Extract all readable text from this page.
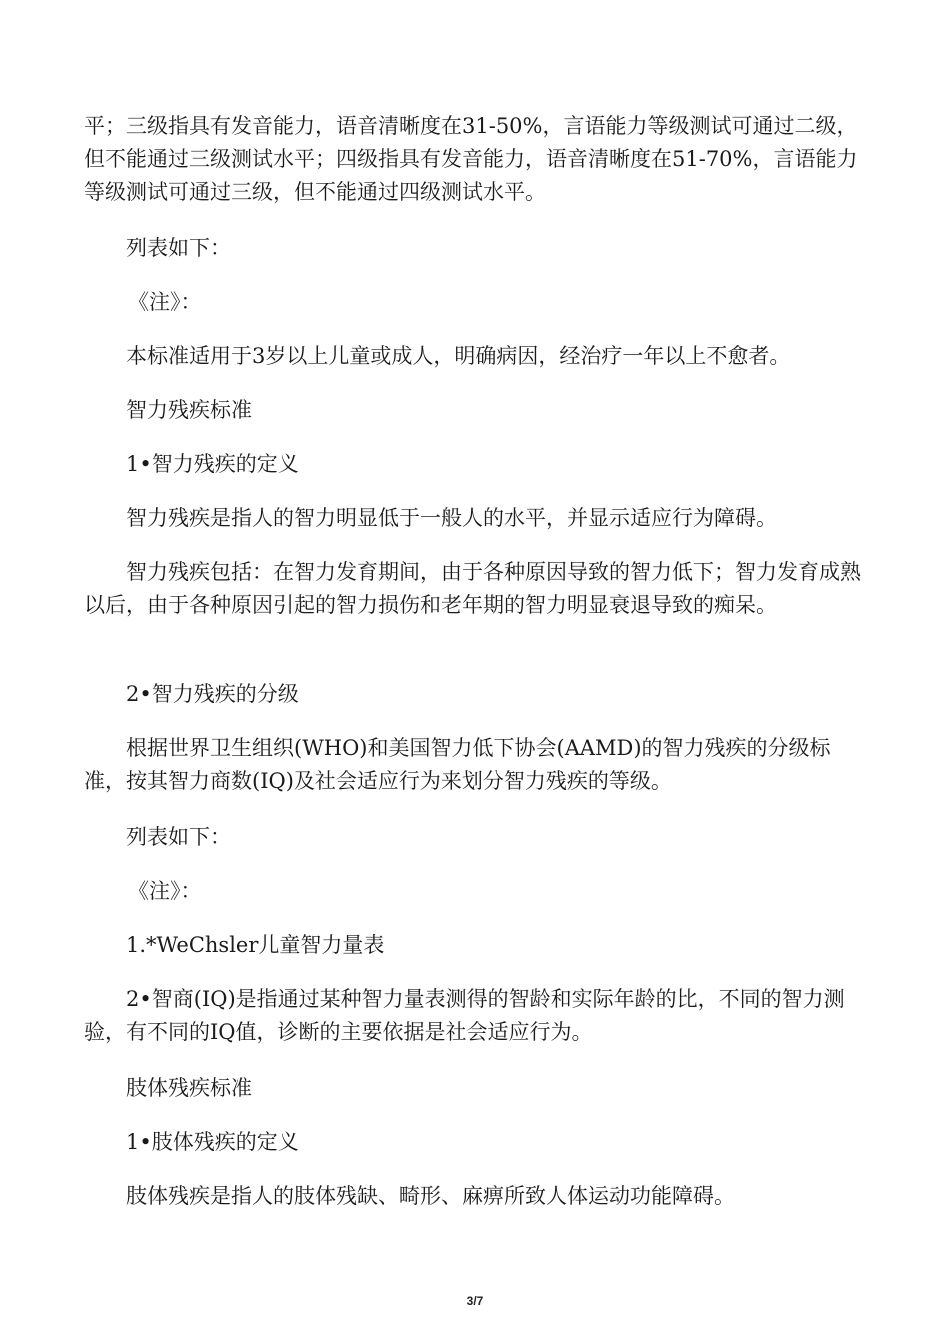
平；三级指具有发音能力，语音清晰度在31-50%，言语能力等级测试可通过二级，但不能通过三级测试水平；四级指具有发音能力，语音清晰度在51-70%，言语能力等级测试可通过三级，但不能通过四级测试水平。

列表如下：

《注》：

本标准适用于3岁以上儿童或成人，明确病因，经治疗一年以上不愈者。

智力残疾标准

1•智力残疾的定义

智力残疾是指人的智力明显低于一般人的水平，并显示适应行为障碍。

智力残疾包括：在智力发育期间，由于各种原因导致的智力低下；智力发育成熟以后，由于各种原因引起的智力损伤和老年期的智力明显衰退导致的痴呆。

2•智力残疾的分级

根据世界卫生组织(WHO)和美国智力低下协会(AAMD)的智力残疾的分级标准，按其智力商数(IQ)及社会适应行为来划分智力残疾的等级。

列表如下：

《注》：

1.*WeChsler儿童智力量表

2•智商(IQ)是指通过某种智力量表测得的智龄和实际年龄的比，不同的智力测验，有不同的IQ值，诊断的主要依据是社会适应行为。

肢体残疾标准

1•肢体残疾的定义

肢体残疾是指人的肢体残缺、畸形、麻痹所致人体运动功能障碍。

3/7
